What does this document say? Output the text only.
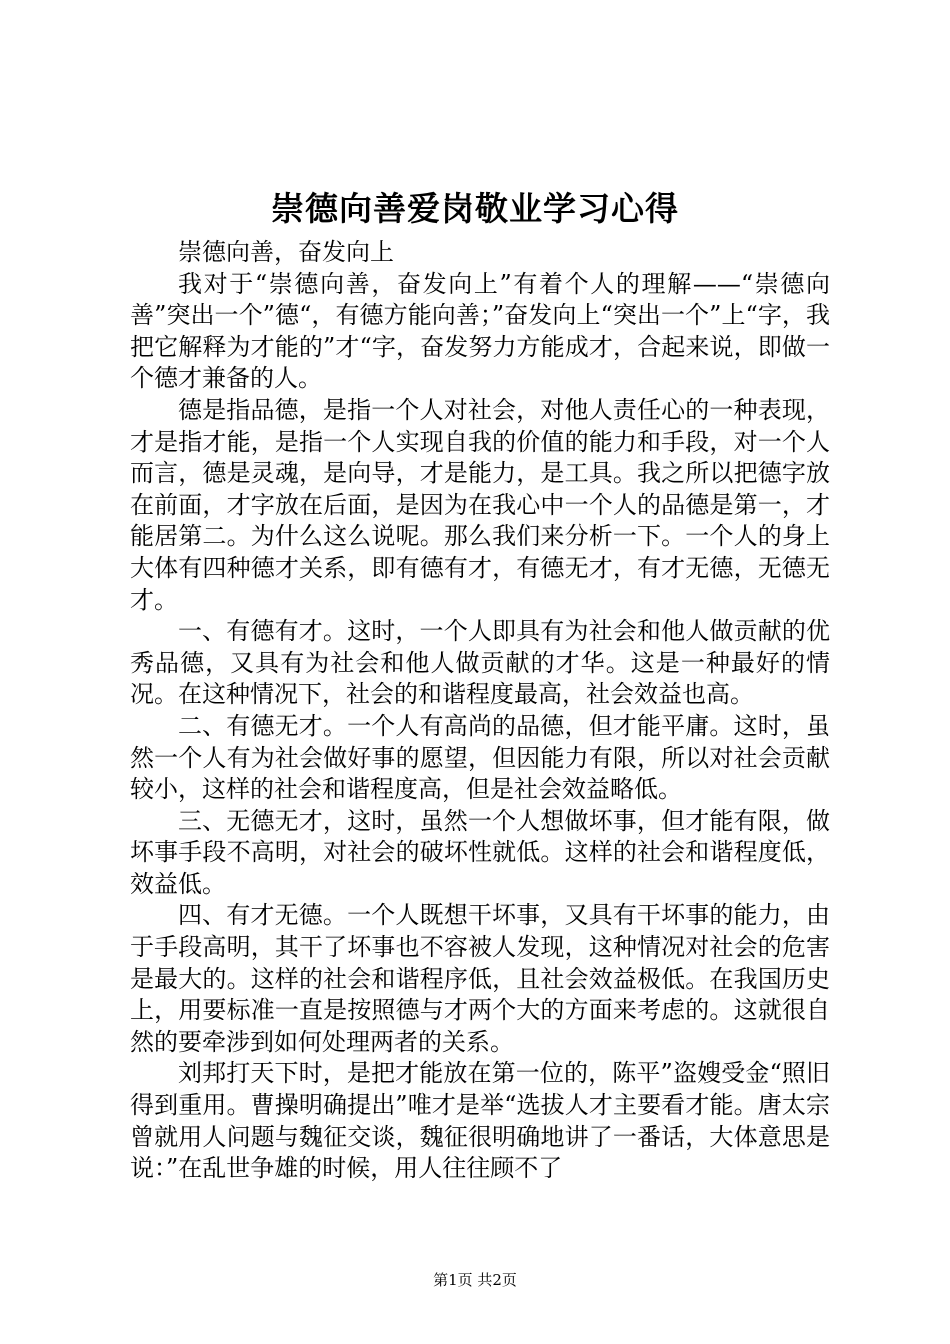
崇德向善爱岗敬业学习心得

崇德向善，奋发向上

我对于“崇德向善，奋发向上”有着个人的理解——“崇德向善”突出一个”德“，有德方能向善；”奋发向上“突出一个”上“字，我把它解释为才能的”才“字，奋发努力方能成才，合起来说，即做一个德才兼备的人。

德是指品德，是指一个人对社会，对他人责任心的一种表现，才是指才能，是指一个人实现自我的价值的能力和手段，对一个人而言，德是灵魂，是向导，才是能力，是工具。我之所以把德字放在前面，才字放在后面，是因为在我心中一个人的品德是第一，才能居第二。为什么这么说呢。那么我们来分析一下。一个人的身上大体有四种德才关系，即有德有才，有德无才，有才无德，无德无才。

一、有德有才。这时，一个人即具有为社会和他人做贡献的优秀品德，又具有为社会和他人做贡献的才华。这是一种最好的情况。在这种情况下，社会的和谐程度最高，社会效益也高。

二、有德无才。一个人有高尚的品德，但才能平庸。这时，虽然一个人有为社会做好事的愿望，但因能力有限，所以对社会贡献较小，这样的社会和谐程度高，但是社会效益略低。

三、无德无才，这时，虽然一个人想做坏事，但才能有限，做坏事手段不高明，对社会的破坏性就低。这样的社会和谐程度低，效益低。

四、有才无德。一个人既想干坏事，又具有干坏事的能力，由于手段高明，其干了坏事也不容被人发现，这种情况对社会的危害是最大的。这样的社会和谐程序低，且社会效益极低。在我国历史上，用要标准一直是按照德与才两个大的方面来考虑的。这就很自然的要牵涉到如何处理两者的关系。

刘邦打天下时，是把才能放在第一位的，陈平”盗嫂受金“照旧得到重用。曹操明确提出”唯才是举“选拔人才主要看才能。唐太宗曾就用人问题与魏征交谈，魏征很明确地讲了一番话，大体意思是说：”在乱世争雄的时候，用人往往顾不了

第1页 共2页
